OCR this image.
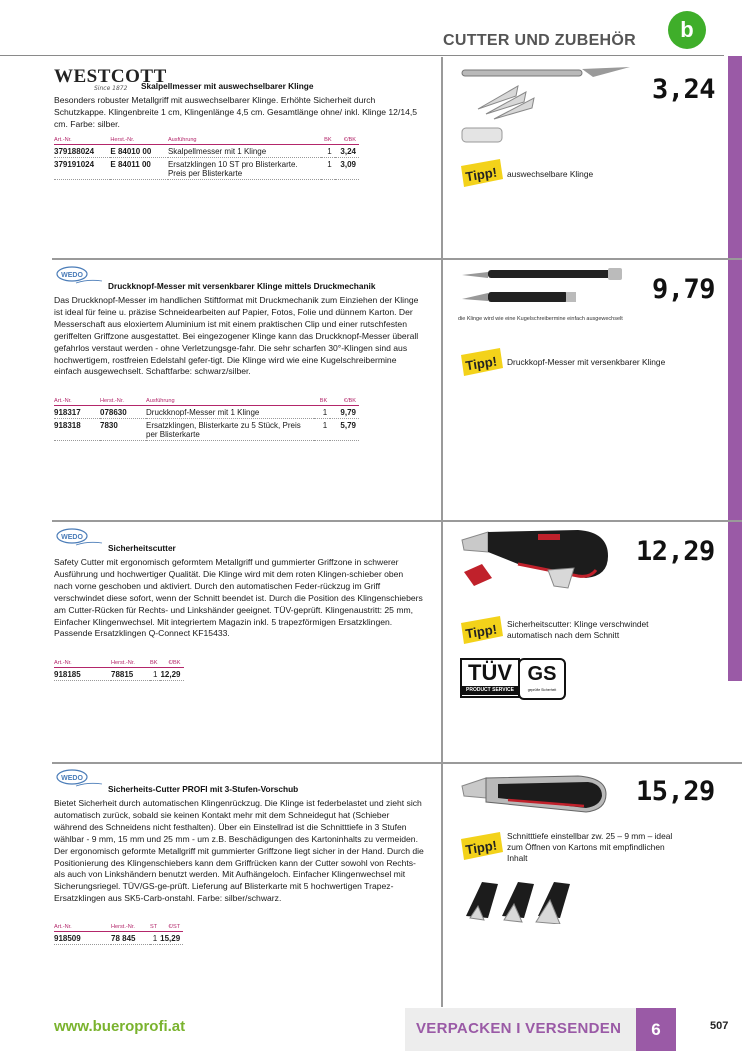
CUTTER UND ZUBEHÖR	b
WESTCOTT
Since 1872	Skalpellmesser mit auswechselbarer Klinge
Besonders robuster Metallgriff mit auswechselbarer Klinge. Erhöhte Sicherheit durch Schutzkappe. Klingenbreite 1 cm, Klingenlänge 4,5 cm. Gesamtlänge ohne/ inkl. Klinge 12/14,5 cm. Farbe: silber.
Art.-Nr.	Herst.-Nr.	Ausführung	BK	€/BK
379188024	E 84010 00	Skalpellmesser mit 1 Klinge	1	3,24
379191024	E 84011 00	Ersatzklingen 10 ST pro Blisterkarte. Preis per Blisterkarte	1	3,09
3,24
Tipp! auswechselbare Klinge
WEDO
Druckknopf-Messer mit versenkbarer Klinge mittels Druckmechanik
Das Druckknopf-Messer im handlichen Stiftformat mit Druckmechanik zum Einziehen der Klinge ist ideal für feine u. präzise Schneidearbeiten auf Papier, Fotos, Folie und dünnem Karton. Der Messerschaft aus eloxiertem Aluminium ist mit einem praktischen Clip und einer rutschfesten geriffelten Griffzone ausgestattet. Bei eingezogener Klinge kann das Druckknopf-Messer überall gefahrlos verstaut werden - ohne Verletzungsge-fahr. Die sehr scharfen 30°-Klingen sind aus hochwertigem, rostfreien Edelstahl gefer-tigt. Die Klinge wird wie eine Kugelschreibermine einfach ausgewechselt. Schaftfarbe: schwarz/silber.
Art.-Nr.	Herst.-Nr.	Ausführung	BK	€/BK
918317	078630	Druckknopf-Messer mit 1 Klinge	1	9,79
918318	7830	Ersatzklingen, Blisterkarte zu 5 Stück, Preis per Blisterkarte	1	5,79
9,79
die Klinge wird wie eine Kugelschreibermine einfach ausgewechselt
Tipp! Druckkopf-Messer mit versenkbarer Klinge
WEDO
Sicherheitscutter
Safety Cutter mit ergonomisch geformtem Metallgriff und gummierter Griffzone in schwerer Ausführung und hochwertiger Qualität. Die Klinge wird mit dem roten Klingen-schieber oben nach vorne geschoben und aktiviert. Durch den automatischen Feder-rückzug im Griff verschwindet diese sofort, wenn der Schnitt beendet ist. Durch die Position des Klingenschiebers am Cutter-Rücken für Rechts- und Linkshänder geeignet. TÜV-geprüft. Klingenaustritt: 25 mm, Einfacher Klingenwechsel. Mit integriertem Magazin inkl. 5 trapezförmigen Ersatzklingen. Passende Ersatzklingen Q-Connect KF15433.
Art.-Nr.	Herst.-Nr.	BK	€/BK
918185	78815	1	12,29
12,29
Tipp! Sicherheitscutter: Klinge verschwindet automatisch nach dem Schnitt
TÜV
PRODUCT SERVICE
GS
geprüfte Sicherheit
WEDO
Sicherheits-Cutter PROFI mit 3-Stufen-Vorschub
Bietet Sicherheit durch automatischen Klingenrückzug. Die Klinge ist federbelastet und zieht sich automatisch zurück, sobald sie keinen Kontakt mehr mit dem Schneidegut hat (Schieber während des Schneidens nicht festhalten). Über ein Einstellrad ist die Schnitttiefe in 3 Stufen wählbar - 9 mm, 15 mm und 25 mm - um z.B. Beschädigungen des Kartoninhalts zu vermeiden. Der ergonomisch geformte Metallgriff mit gummierter Griffzone liegt sicher in der Hand. Durch die Positionierung des Klingenschiebers kann dem Griffrücken kann der Cutter sowohl von Rechts- als auch von Linkshändern benutzt werden. Mit Aufhängeloch. Einfacher Klingenwechsel mit Sicherungsriegel. TÜV/GS-ge-prüft. Lieferung auf Blisterkarte mit 5 hochwertigen Trapez-Ersatzklingen aus SK5-Carb-onstahl. Farbe: silber/schwarz.
Art.-Nr.	Herst.-Nr.	ST	€/ST
918509	78 845	1	15,29
15,29
Tipp!
Schnitttiefe einstellbar zw. 25 – 9 mm – ideal zum Öffnen von Kartons mit empfindlichen Inhalt
www.bueroprofi.at	VERPACKEN I VERSENDEN	6	507
